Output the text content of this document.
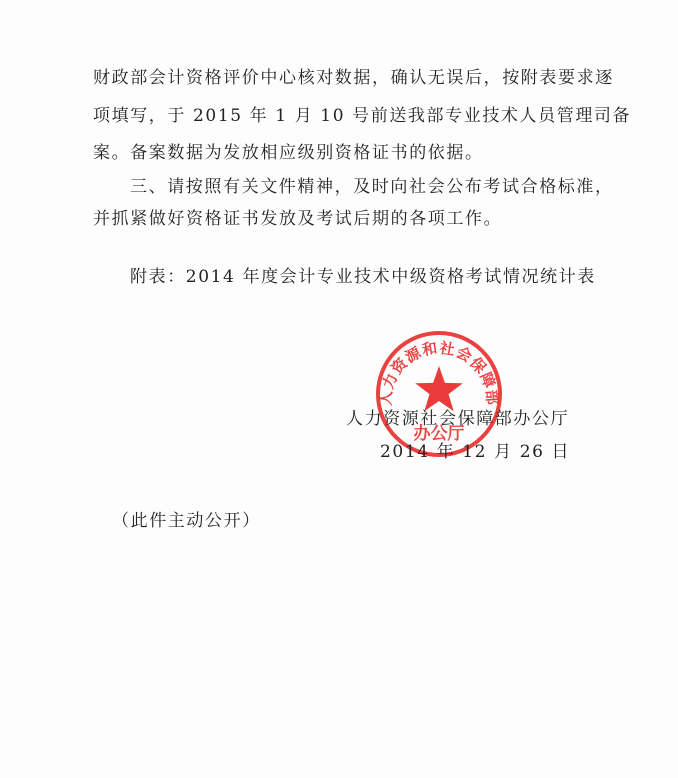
财政部会计资格评价中心核对数据，确认无误后，按附表要求逐
项填写，于 2015 年 1 月 10 号前送我部专业技术人员管理司备
案。备案数据为发放相应级别资格证书的依据。
三、请按照有关文件精神，及时向社会公布考试合格标准，
并抓紧做好资格证书发放及考试后期的各项工作。
附表：2014 年度会计专业技术中级资格考试情况统计表
人力资源和社会保障部
办公厅
人力资源社会保障部办公厅
2014 年 12 月 26 日
（此件主动公开）
